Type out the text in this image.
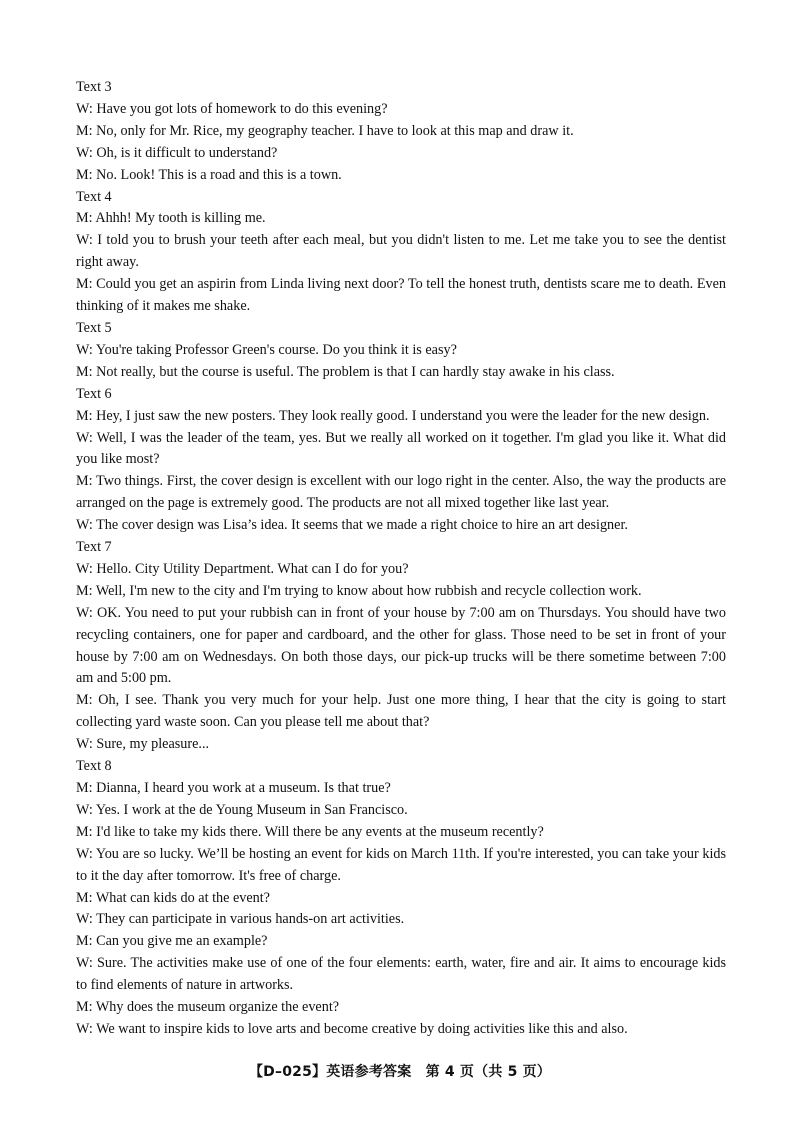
Text 3

W: Have you got lots of homework to do this evening?

M: No, only for Mr. Rice, my geography teacher. I have to look at this map and draw it.

W: Oh, is it difficult to understand?

M: No. Look! This is a road and this is a town.

Text 4

M: Ahhh! My tooth is killing me.

W: I told you to brush your teeth after each meal, but you didn't listen to me. Let me take you to see the dentist right away.

M: Could you get an aspirin from Linda living next door? To tell the honest truth, dentists scare me to death. Even thinking of it makes me shake.

Text 5

W: You're taking Professor Green's course. Do you think it is easy?

M: Not really, but the course is useful. The problem is that I can hardly stay awake in his class.

Text 6

M: Hey, I just saw the new posters. They look really good. I understand you were the leader for the new design.

W: Well, I was the leader of the team, yes. But we really all worked on it together. I'm glad you like it. What did you like most?

M: Two things. First, the cover design is excellent with our logo right in the center. Also, the way the products are arranged on the page is extremely good. The products are not all mixed together like last year.

W: The cover design was Lisa’s idea. It seems that we made a right choice to hire an art designer.

Text 7

W: Hello. City Utility Department. What can I do for you?

M: Well, I'm new to the city and I'm trying to know about how rubbish and recycle collection work.

W: OK. You need to put your rubbish can in front of your house by 7:00 am on Thursdays. You should have two recycling containers, one for paper and cardboard, and the other for glass. Those need to be set in front of your house by 7:00 am on Wednesdays. On both those days, our pick-up trucks will be there sometime between 7:00 am and 5:00 pm.

M: Oh, I see. Thank you very much for your help. Just one more thing, I hear that the city is going to start collecting yard waste soon. Can you please tell me about that?

W: Sure, my pleasure...

Text 8

M: Dianna, I heard you work at a museum. Is that true?

W: Yes. I work at the de Young Museum in San Francisco.

M: I'd like to take my kids there. Will there be any events at the museum recently?

W: You are so lucky. We’ll be hosting an event for kids on March 11th. If you're interested, you can take your kids to it the day after tomorrow. It's free of charge.

M: What can kids do at the event?

W: They can participate in various hands-on art activities.

M: Can you give me an example?

W: Sure. The activities make use of one of the four elements: earth, water, fire and air. It aims to encourage kids to find elements of nature in artworks.

M: Why does the museum organize the event?

W: We want to inspire kids to love arts and become creative by doing activities like this and also.

【D–025】英语参考答案　第 4 页（共 5 页）
